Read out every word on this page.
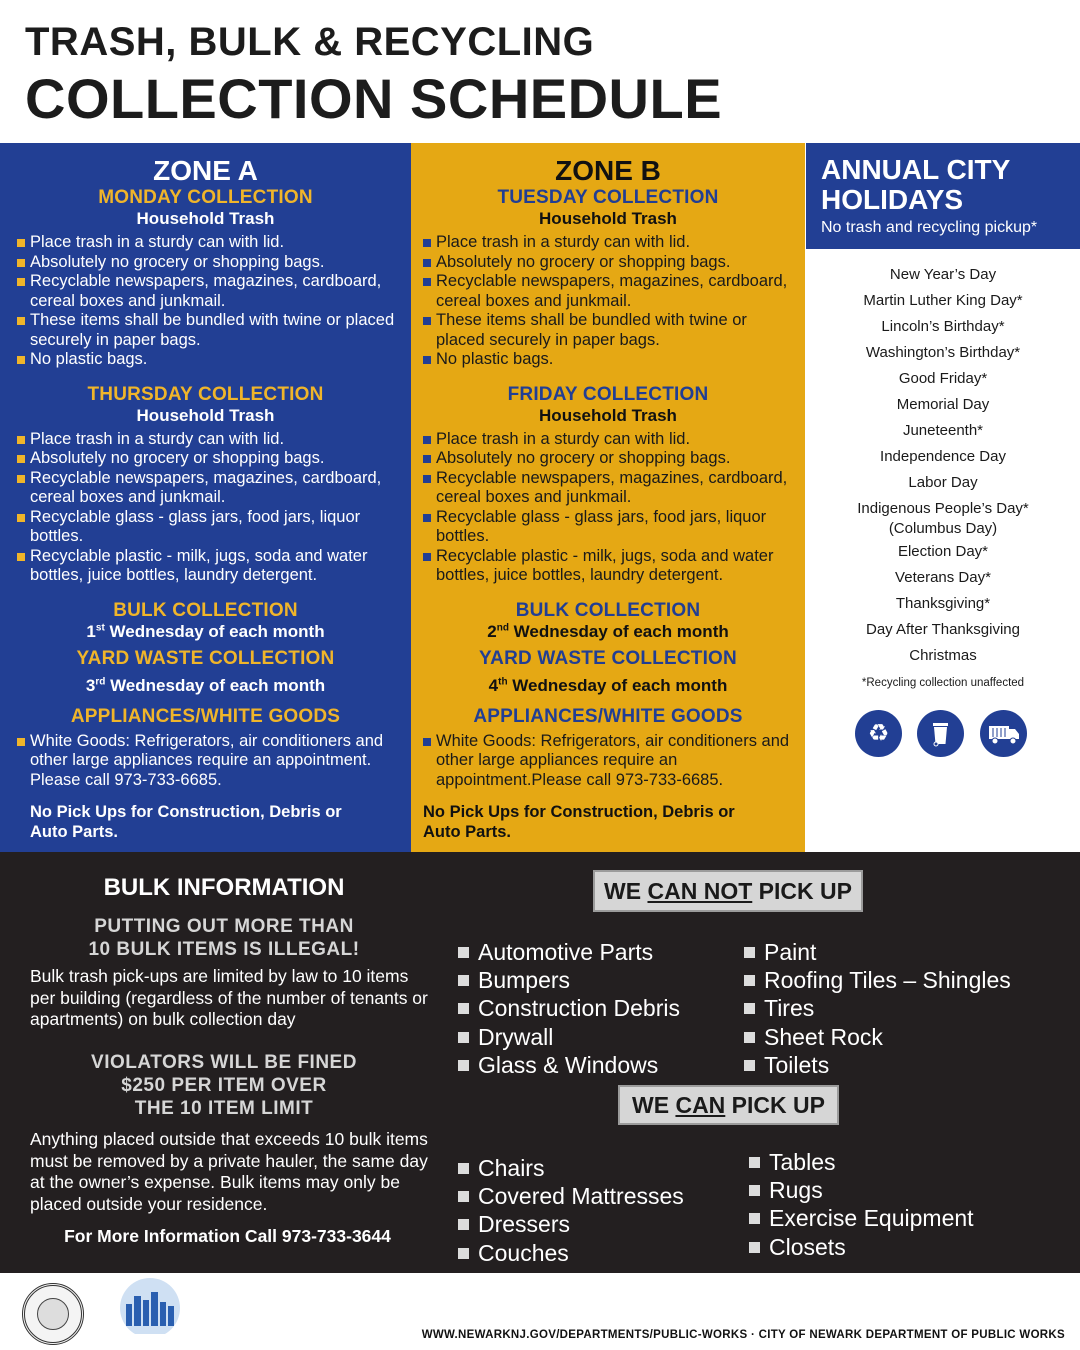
TRASH, BULK & RECYCLING
COLLECTION SCHEDULE
ZONE A
MONDAY COLLECTION
Household Trash
Place trash in a sturdy can with lid.
Absolutely no grocery or shopping bags.
Recyclable newspapers, magazines, cardboard, cereal boxes and junkmail.
These items shall be bundled with twine or placed securely in paper bags.
No plastic bags.
THURSDAY COLLECTION
Household Trash
Place trash in a sturdy can with lid.
Absolutely no grocery or shopping bags.
Recyclable newspapers, magazines, cardboard, cereal boxes and junkmail.
Recyclable glass - glass jars, food jars, liquor bottles.
Recyclable plastic - milk, jugs, soda and water bottles, juice bottles, laundry detergent.
BULK COLLECTION
1st Wednesday of each month
YARD WASTE COLLECTION
3rd Wednesday of each month
APPLIANCES/WHITE GOODS
White Goods: Refrigerators, air conditioners and other large appliances require an appointment. Please call 973-733-6685.
No Pick Ups for Construction, Debris or Auto Parts.
ZONE B
TUESDAY COLLECTION
Household Trash
Place trash in a sturdy can with lid.
Absolutely no grocery or shopping bags.
Recyclable newspapers, magazines, cardboard, cereal boxes and junkmail.
These items shall be bundled with twine or placed securely in paper bags.
No plastic bags.
FRIDAY COLLECTION
Household Trash
Place trash in a sturdy can with lid.
Absolutely no grocery or shopping bags.
Recyclable newspapers, magazines, cardboard, cereal boxes and junkmail.
Recyclable glass - glass jars, food jars, liquor bottles.
Recyclable plastic - milk, jugs, soda and water bottles, juice bottles, laundry detergent.
BULK COLLECTION
2nd Wednesday of each month
YARD WASTE COLLECTION
4th Wednesday of each month
APPLIANCES/WHITE GOODS
White Goods: Refrigerators, air conditioners and other large appliances require an appointment.Please call 973-733-6685.
No Pick Ups for Construction, Debris or Auto Parts.
ANNUAL CITY
HOLIDAYS
No trash and recycling pickup*
New Year’s Day
Martin Luther King Day*
Lincoln’s Birthday*
Washington’s Birthday*
Good Friday*
Memorial Day
Juneteenth*
Independence Day
Labor Day
Indigenous People’s Day*
(Columbus Day)
Election Day*
Veterans Day*
Thanksgiving*
Day After Thanksgiving
Christmas
*Recycling collection unaffected
♻
BULK INFORMATION
PUTTING OUT MORE THAN
10 BULK ITEMS IS ILLEGAL!
Bulk trash pick-ups are limited by law to 10 items per building (regardless of the number of tenants or apartments) on bulk collection day
VIOLATORS WILL BE FINED
$250 PER ITEM OVER
THE 10 ITEM LIMIT
Anything placed outside that exceeds 10 bulk items must be removed by a private hauler, the same day at the owner’s expense. Bulk items may only be placed outside your residence.
For More Information Call 973-733-3644
WE CAN NOT PICK UP
Automotive Parts
Bumpers
Construction Debris
Drywall
Glass & Windows
Paint
Roofing Tiles – Shingles
Tires
Sheet Rock
Toilets
WE CAN PICK UP
Chairs
Covered Mattresses
Dressers
Couches
Tables
Rugs
Exercise Equipment
Closets
WWW.NEWARKNJ.GOV/DEPARTMENTS/PUBLIC-WORKS · CITY OF NEWARK DEPARTMENT OF PUBLIC WORKS
